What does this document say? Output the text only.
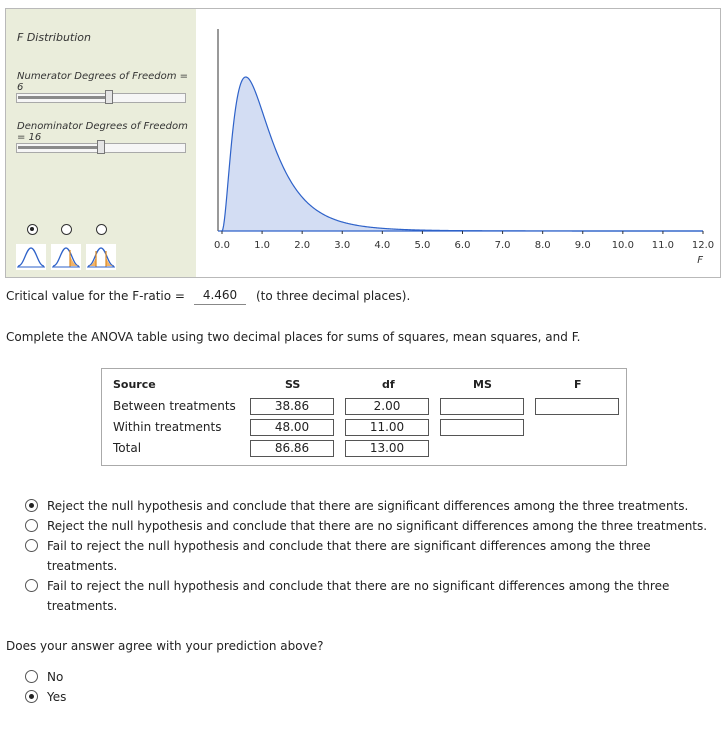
F Distribution
Numerator Degrees of Freedom = 6
Denominator Degrees of Freedom = 16
0.0 1.0 2.0 3.0 4.0 5.0 6.0 7.0 8.0 9.0 10.0 11.0 12.0
F
Critical value for the F-ratio =	4.460	(to three decimal places).
Complete the ANOVA table using two decimal places for sums of squares, mean squares, and F.
Source	SS	df	MS	F
Between treatments	38.86	2.00
Within treatments	48.00	11.00
Total	86.86	13.00
Reject the null hypothesis and conclude that there are significant differences among the three treatments.
Reject the null hypothesis and conclude that there are no significant differences among the three treatments.
Fail to reject the null hypothesis and conclude that there are significant differences among the three treatments.
Fail to reject the null hypothesis and conclude that there are no significant differences among the three treatments.
Does your answer agree with your prediction above?
No
Yes
